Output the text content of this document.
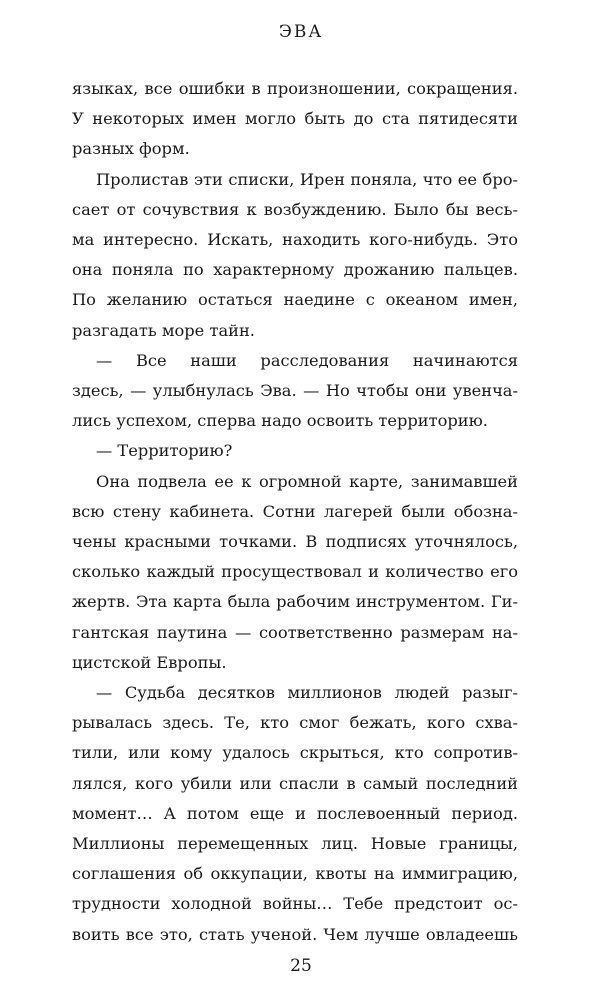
ЭВА
языках, все ошибки в произношении, сокращения.
У некоторых имен могло быть до ста пятидесяти
разных форм.
Пролистав эти списки, Ирен поняла, что ее бро-
сает от сочувствия к возбуждению. Было бы весь-
ма интересно. Искать, находить кого-нибудь. Это
она поняла по характерному дрожанию пальцев.
По желанию остаться наедине с океаном имен,
разгадать море тайн.
— Все наши расследования начинаются
здесь, — улыбнулась Эва. — Но чтобы они увенча-
лись успехом, сперва надо освоить территорию.
— Территорию?
Она подвела ее к огромной карте, занимавшей
всю стену кабинета. Сотни лагерей были обозна-
чены красными точками. В подписях уточнялось,
сколько каждый просуществовал и количество его
жертв. Эта карта была рабочим инструментом. Ги-
гантская паутина — соответственно размерам на-
цистской Европы.
— Судьба десятков миллионов людей разыг-
рывалась здесь. Те, кто смог бежать, кого схва-
тили, или кому удалось скрыться, кто сопротив-
лялся, кого убили или спасли в самый последний
момент… А потом еще и послевоенный период.
Миллионы перемещенных лиц. Новые границы,
соглашения об оккупации, квоты на иммиграцию,
трудности холодной войны… Тебе предстоит ос-
воить все это, стать ученой. Чем лучше овладеешь
25
